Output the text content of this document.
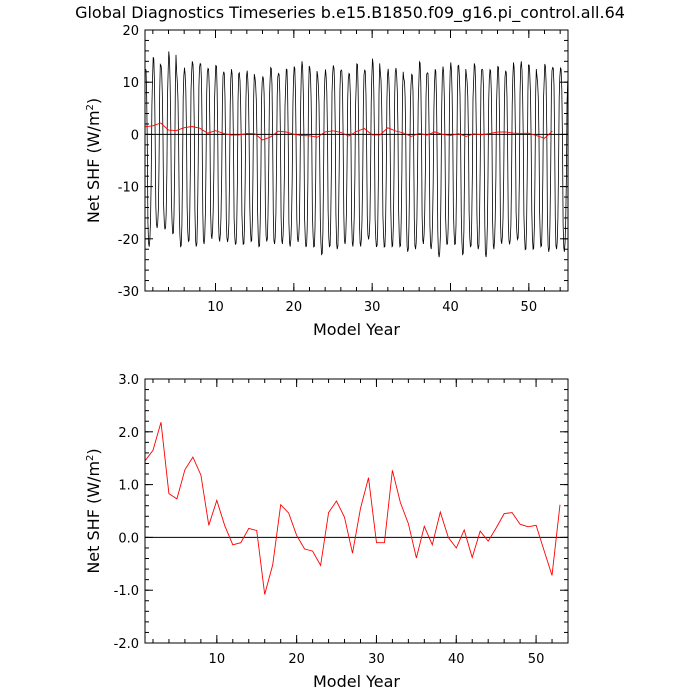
Global Diagnostics Timeseries b.e15.B1850.f09_g16.pi_control.all.64
-30
-20
-10
0
10
20
10	20	30	40	50
Model Year
Net SHF $(W/m^2)$
-2.0
-1.0
0.0
1.0
2.0
3.0
10	20	30	40	50
Model Year
Net SHF $(W/m^2)$
